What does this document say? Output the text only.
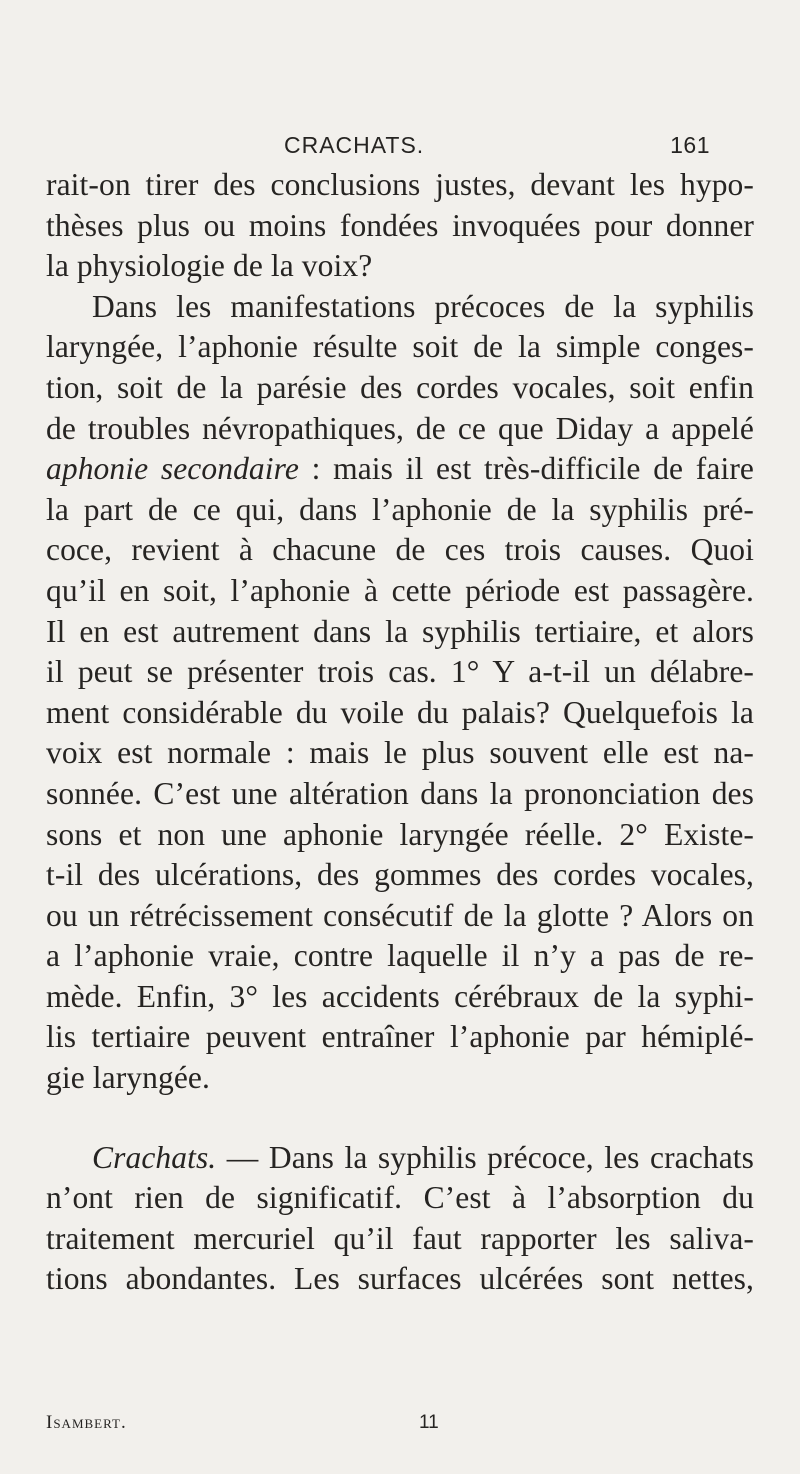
CRACHATS.	161
rait-on tirer des conclusions justes, devant les hypo-
thèses plus ou moins fondées invoquées pour donner
la physiologie de la voix?
Dans les manifestations précoces de la syphilis
laryngée, l’aphonie résulte soit de la simple conges-
tion, soit de la parésie des cordes vocales, soit enfin
de troubles névropathiques, de ce que Diday a appelé
aphonie secondaire : mais il est très-difficile de faire
la part de ce qui, dans l’aphonie de la syphilis pré-
coce, revient à chacune de ces trois causes. Quoi
qu’il en soit, l’aphonie à cette période est passagère.
Il en est autrement dans la syphilis tertiaire, et alors
il peut se présenter trois cas. 1° Y a-t-il un délabre-
ment considérable du voile du palais? Quelquefois la
voix est normale : mais le plus souvent elle est na-
sonnée. C’est une altération dans la prononciation des
sons et non une aphonie laryngée réelle. 2° Existe-
t-il des ulcérations, des gommes des cordes vocales,
ou un rétrécissement consécutif de la glotte ? Alors on
a l’aphonie vraie, contre laquelle il n’y a pas de re-
mède. Enfin, 3° les accidents cérébraux de la syphi-
lis tertiaire peuvent entraîner l’aphonie par hémiplé-
gie laryngée.
Crachats. — Dans la syphilis précoce, les crachats
n’ont rien de significatif. C’est à l’absorption du
traitement mercuriel qu’il faut rapporter les saliva-
tions abondantes. Les surfaces ulcérées sont nettes,
Isambert.	11
